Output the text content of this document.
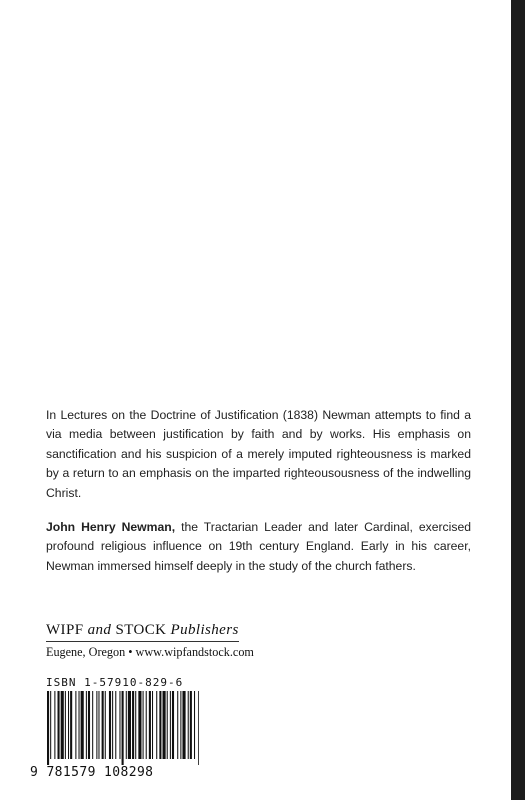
In Lectures on the Doctrine of Justification (1838) Newman attempts to find a via media between justification by faith and by works. His emphasis on sanctification and his suspicion of a merely imputed righteousness is marked by a return to an emphasis on the imparted righteousousness of the indwelling Christ.

John Henry Newman, the Tractarian Leader and later Cardinal, exercised profound religious influence on 19th century England. Early in his career, Newman immersed himself deeply in the study of the church fathers.

WIPF and STOCK Publishers
Eugene, Oregon • www.wipfandstock.com
ISBN 1-57910-829-6
9 781579 108298
